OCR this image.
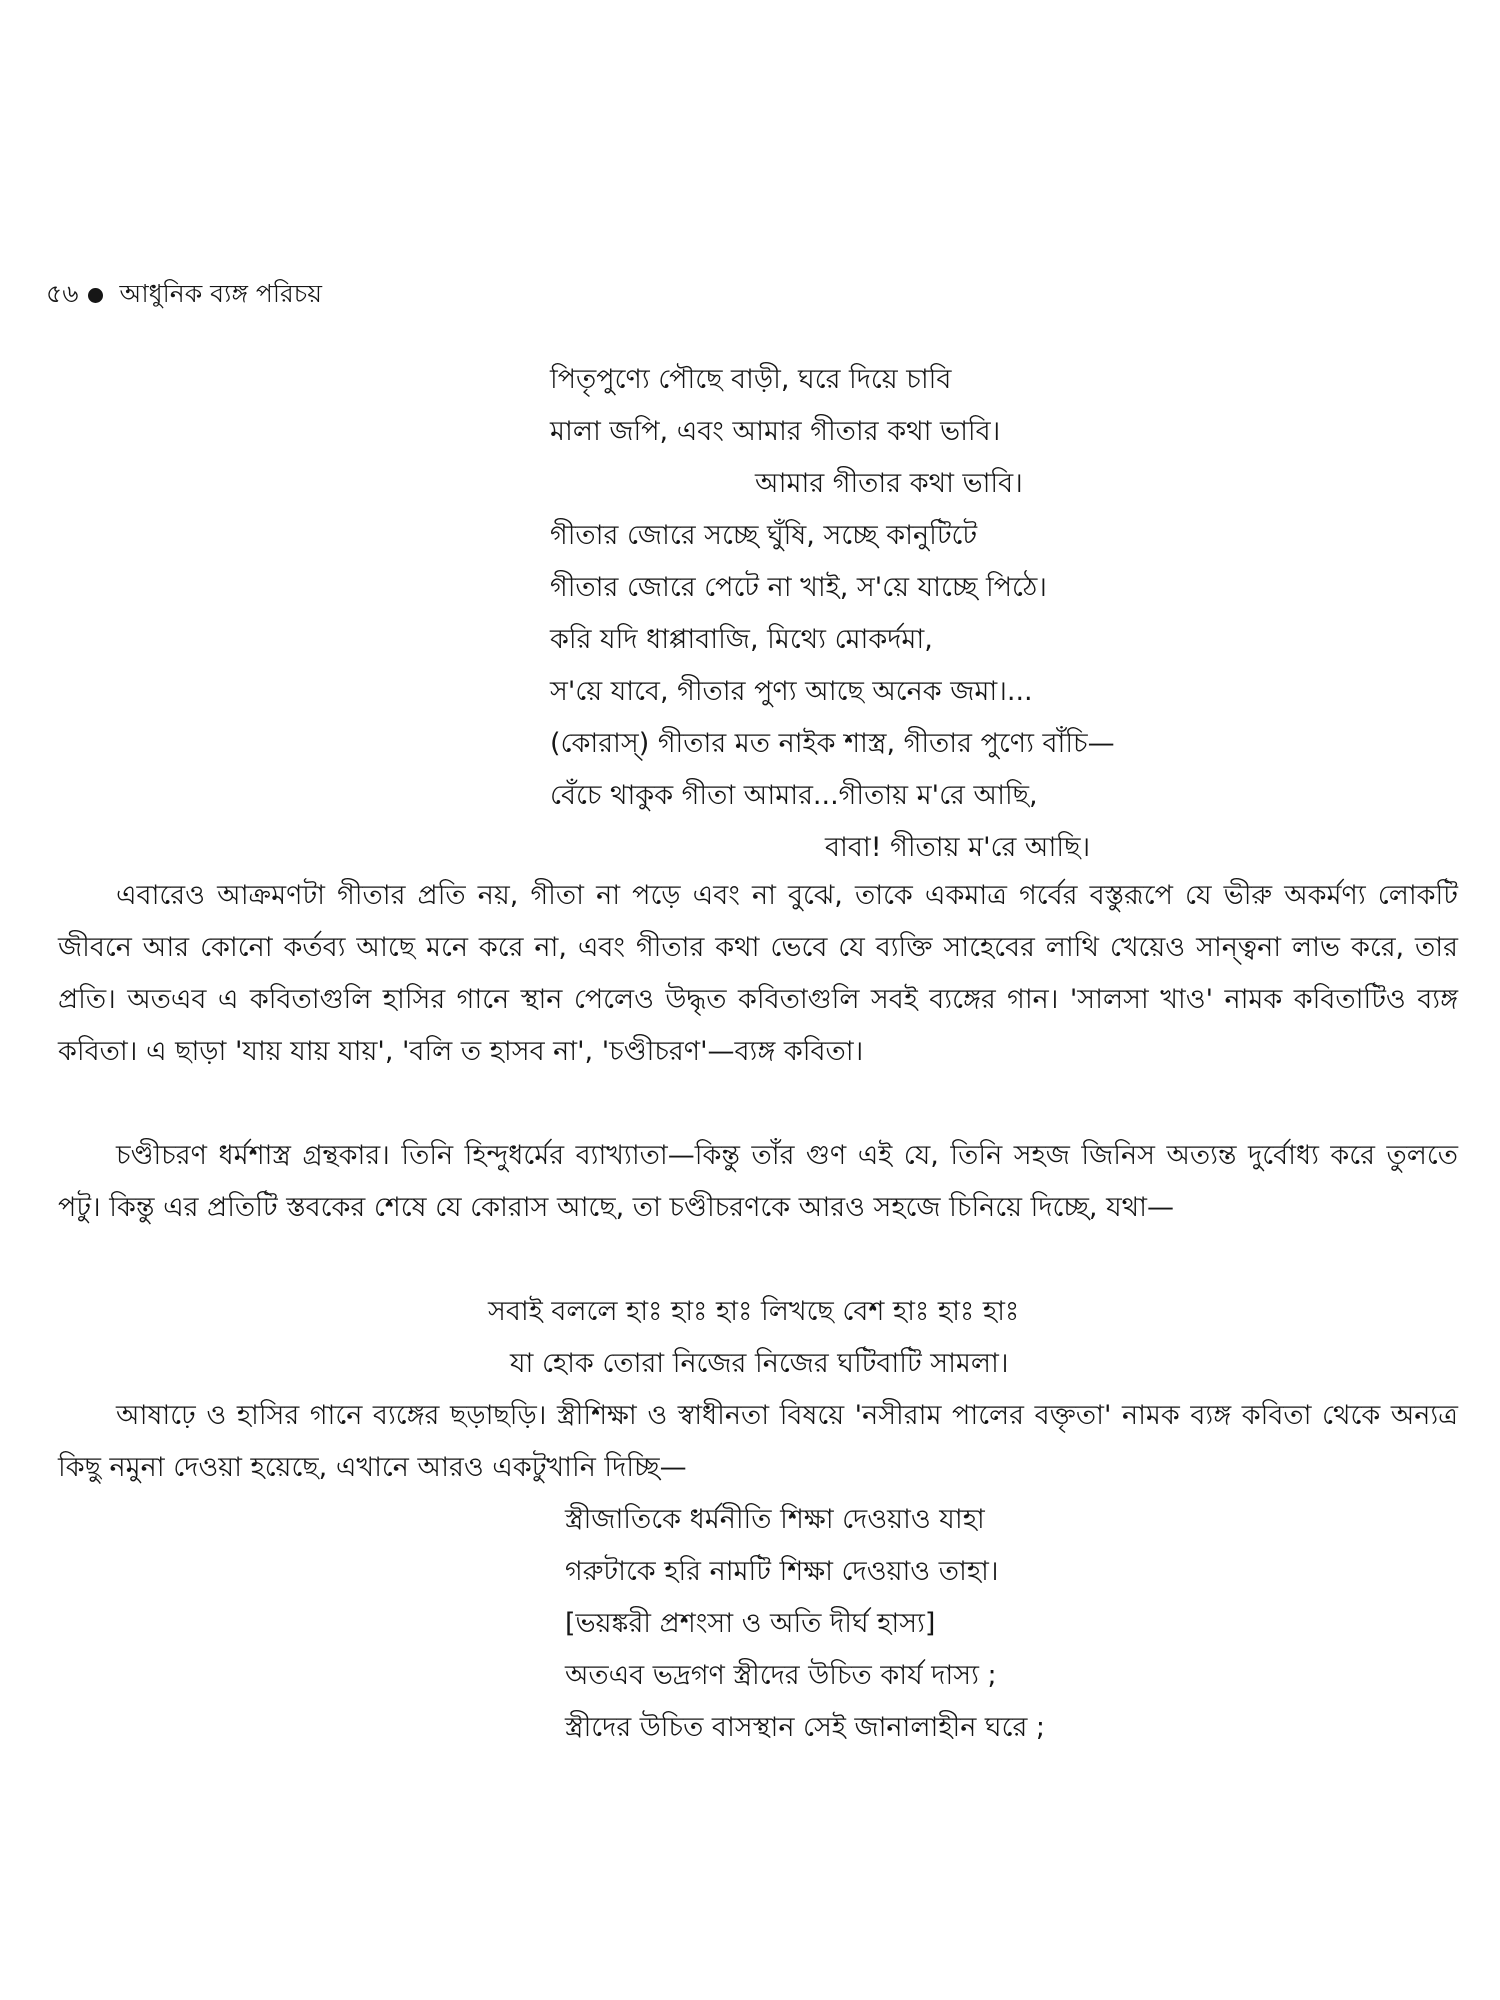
৫৬ আধুনিক ব্যঙ্গ পরিচয়
পিতৃপুণ্যে পৌছে বাড়ী, ঘরে দিয়ে চাবি
মালা জপি, এবং আমার গীতার কথা ভাবি।
আমার গীতার কথা ভাবি।
গীতার জোরে সচ্ছে ঘুঁষি, সচ্ছে কানুটিটে
গীতার জোরে পেটে না খাই, স'য়ে যাচ্ছে পিঠে।
করি যদি ধাপ্পাবাজি, মিথ্যে মোকর্দমা,
স'য়ে যাবে, গীতার পুণ্য আছে অনেক জমা।...
(কোরাস্) গীতার মত নাইক শাস্ত্র, গীতার পুণ্যে বাঁচি—
বেঁচে থাকুক গীতা আমার...গীতায় ম'রে আছি,
বাবা! গীতায় ম'রে আছি।

এবারেও আক্রমণটা গীতার প্রতি নয়, গীতা না পড়ে এবং না বুঝে, তাকে একমাত্র গর্বের বস্তুরূপে যে ভীরু অকর্মণ্য লোকটি জীবনে আর কোনো কর্তব্য আছে মনে করে না, এবং গীতার কথা ভেবে যে ব্যক্তি সাহেবের লাথি খেয়েও সান্ত্বনা লাভ করে, তার প্রতি। অতএব এ কবিতাগুলি হাসির গানে স্থান পেলেও উদ্ধৃত কবিতাগুলি সবই ব্যঙ্গের গান। 'সালসা খাও' নামক কবিতাটিও ব্যঙ্গ কবিতা। এ ছাড়া 'যায় যায় যায়', 'বলি ত হাসব না', 'চণ্ডীচরণ'—ব্যঙ্গ কবিতা।

চণ্ডীচরণ ধর্মশাস্ত্র গ্রন্থকার। তিনি হিন্দুধর্মের ব্যাখ্যাতা—কিন্তু তাঁর গুণ এই যে, তিনি সহজ জিনিস অত্যন্ত দুর্বোধ্য করে তুলতে পটু। কিন্তু এর প্রতিটি স্তবকের শেষে যে কোরাস আছে, তা চণ্ডীচরণকে আরও সহজে চিনিয়ে দিচ্ছে, যথা—

সবাই বললে হাঃ হাঃ হাঃ লিখছে বেশ হাঃ হাঃ হাঃ
যা হোক তোরা নিজের নিজের ঘটিবাটি সামলা।

আষাঢ়ে ও হাসির গানে ব্যঙ্গের ছড়াছড়ি। স্ত্রীশিক্ষা ও স্বাধীনতা বিষয়ে 'নসীরাম পালের বক্তৃতা' নামক ব্যঙ্গ কবিতা থেকে অন্যত্র কিছু নমুনা দেওয়া হয়েছে, এখানে আরও একটুখানি দিচ্ছি—

স্ত্রীজাতিকে ধর্মনীতি শিক্ষা দেওয়াও যাহা
গরুটাকে হরি নামটি শিক্ষা দেওয়াও তাহা।
[ভয়ঙ্করী প্রশংসা ও অতি দীর্ঘ হাস্য]
অতএব ভদ্রগণ স্ত্রীদের উচিত কার্য দাস্য ;
স্ত্রীদের উচিত বাসস্থান সেই জানালাহীন ঘরে ;
